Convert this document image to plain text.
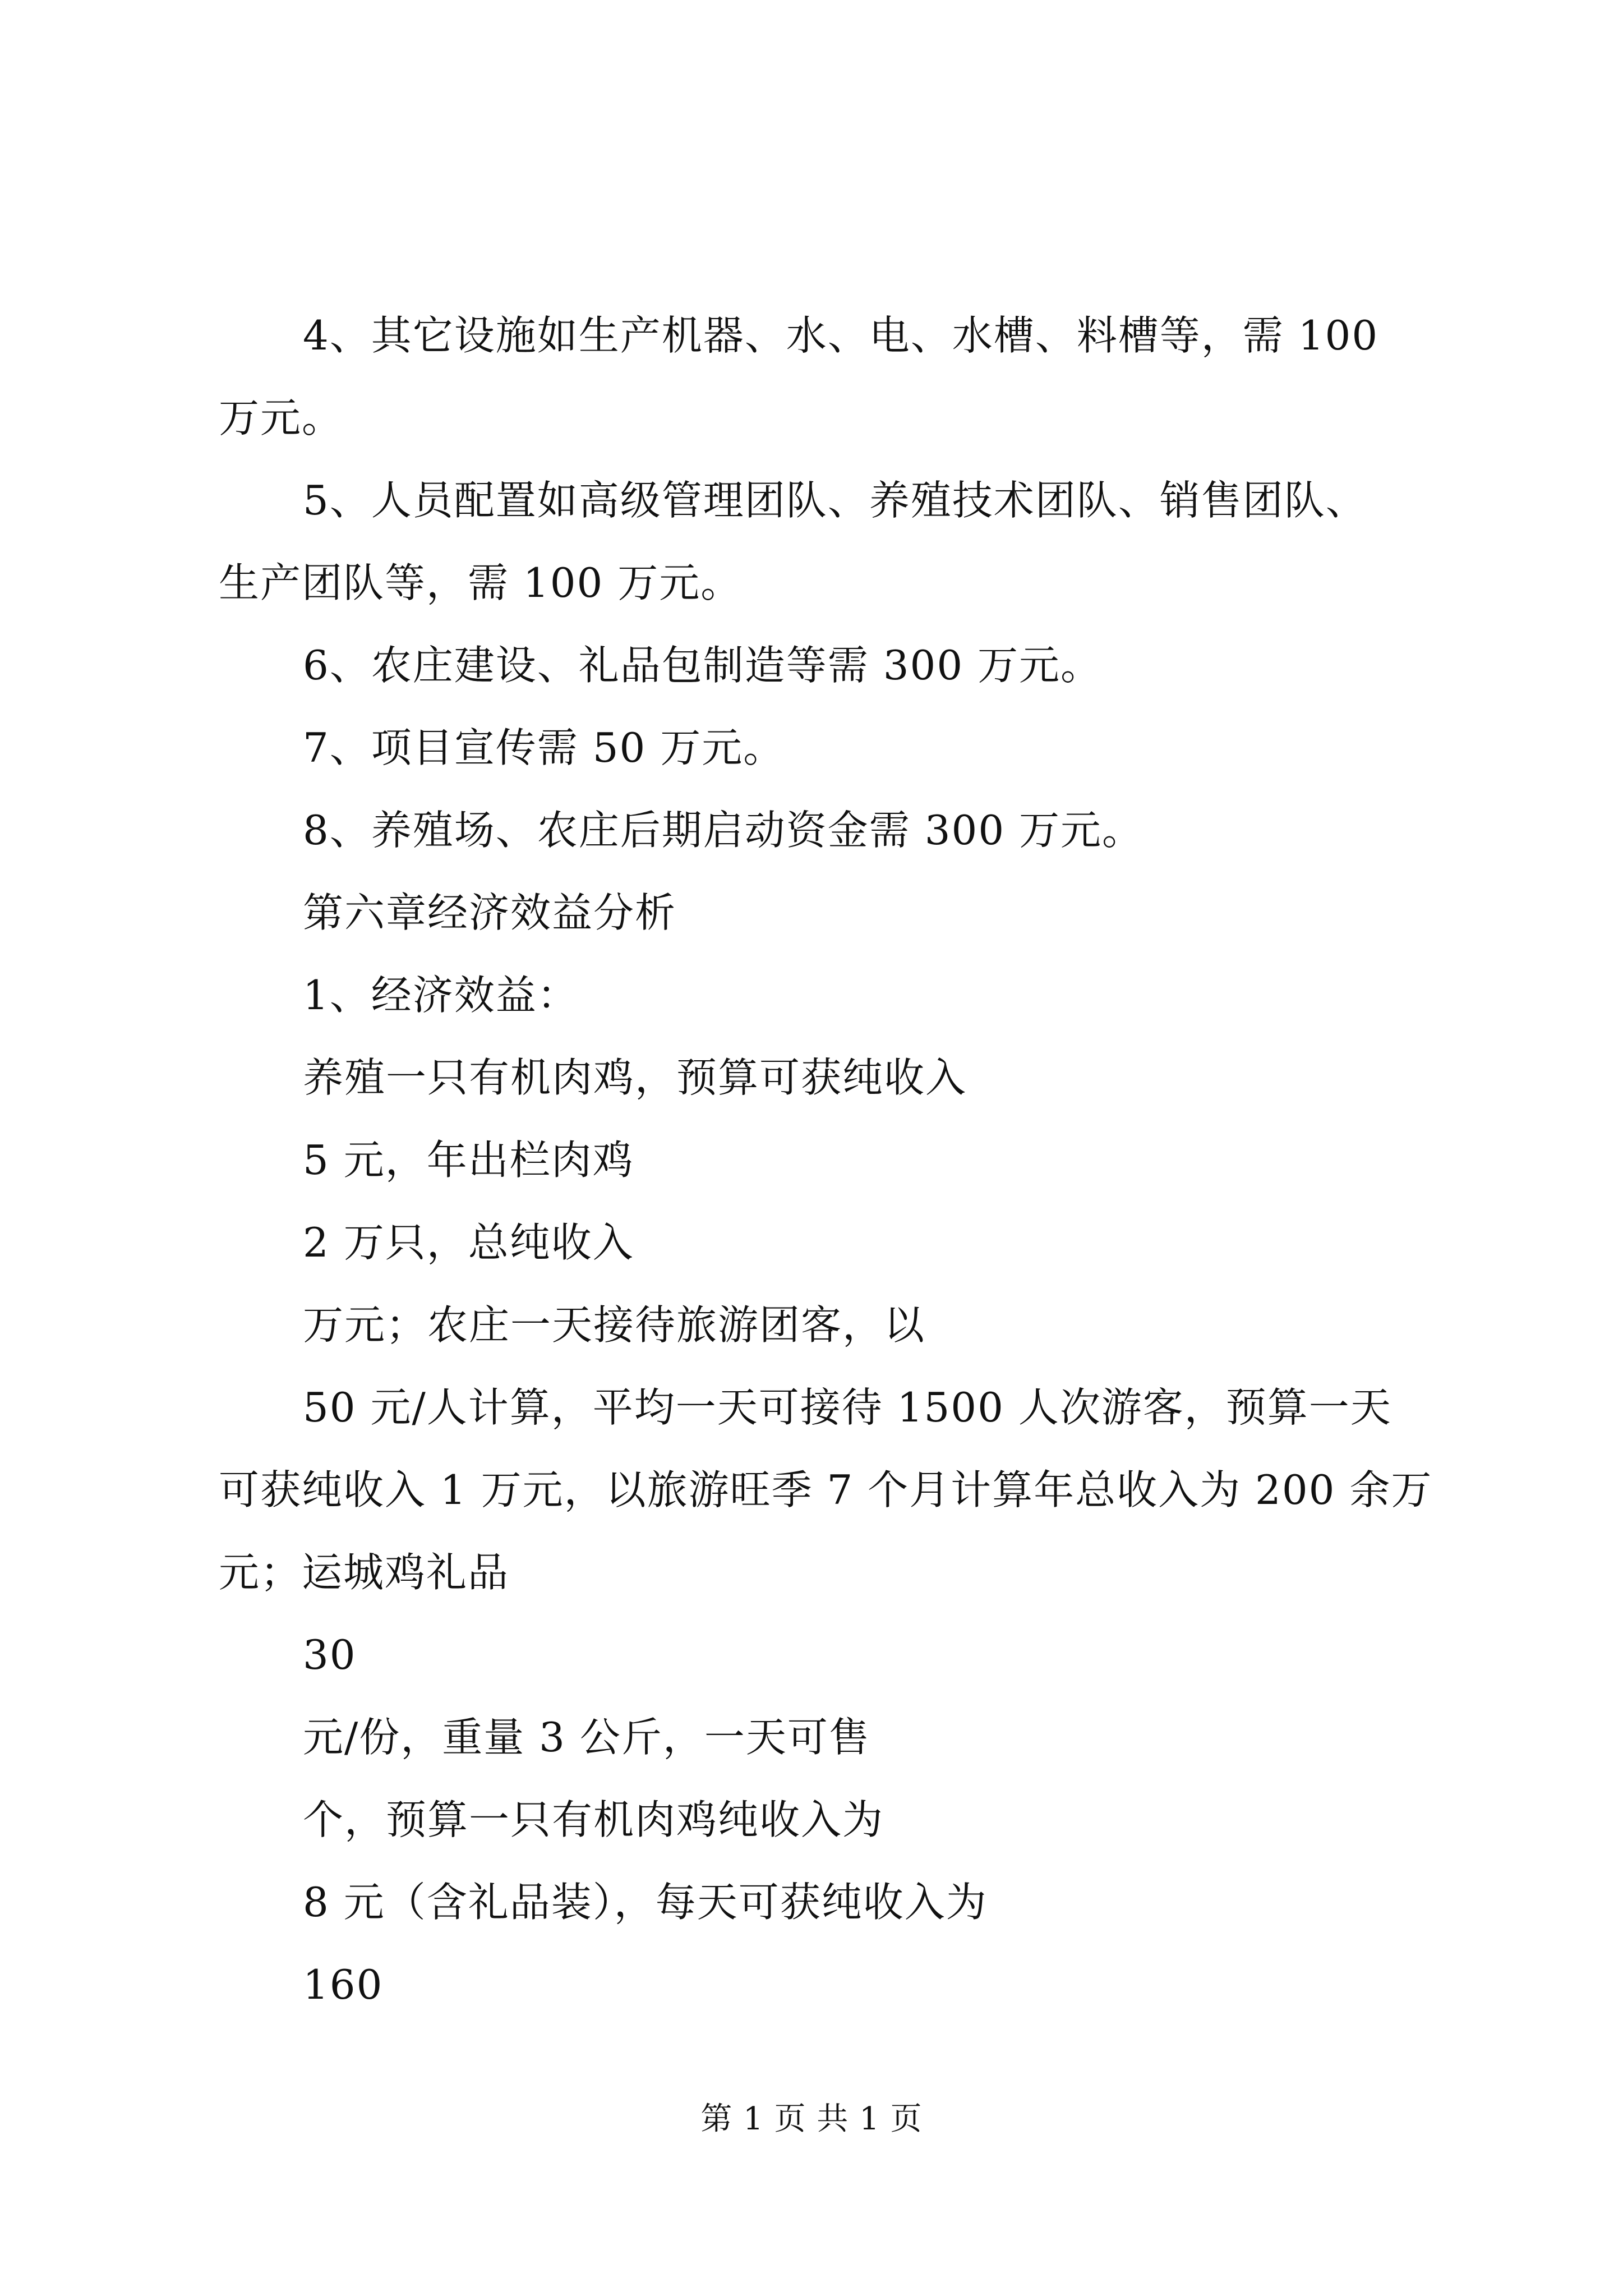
4、其它设施如生产机器、水、电、水槽、料槽等，需 100
万元。
5、人员配置如高级管理团队、养殖技术团队、销售团队、
生产团队等，需 100 万元。
6、农庄建设、礼品包制造等需 300 万元。
7、项目宣传需 50 万元。
8、养殖场、农庄后期启动资金需 300 万元。
第六章经济效益分析
1、经济效益：
养殖一只有机肉鸡，预算可获纯收入
5 元，年出栏肉鸡
2 万只，总纯收入
万元；农庄一天接待旅游团客，以
50 元/人计算，平均一天可接待 1500 人次游客，预算一天
可获纯收入 1 万元，以旅游旺季 7 个月计算年总收入为 200 余万
元；运城鸡礼品
30
元/份，重量 3 公斤，一天可售
个，预算一只有机肉鸡纯收入为
8 元（含礼品装），每天可获纯收入为
160
第 1 页 共 1 页
